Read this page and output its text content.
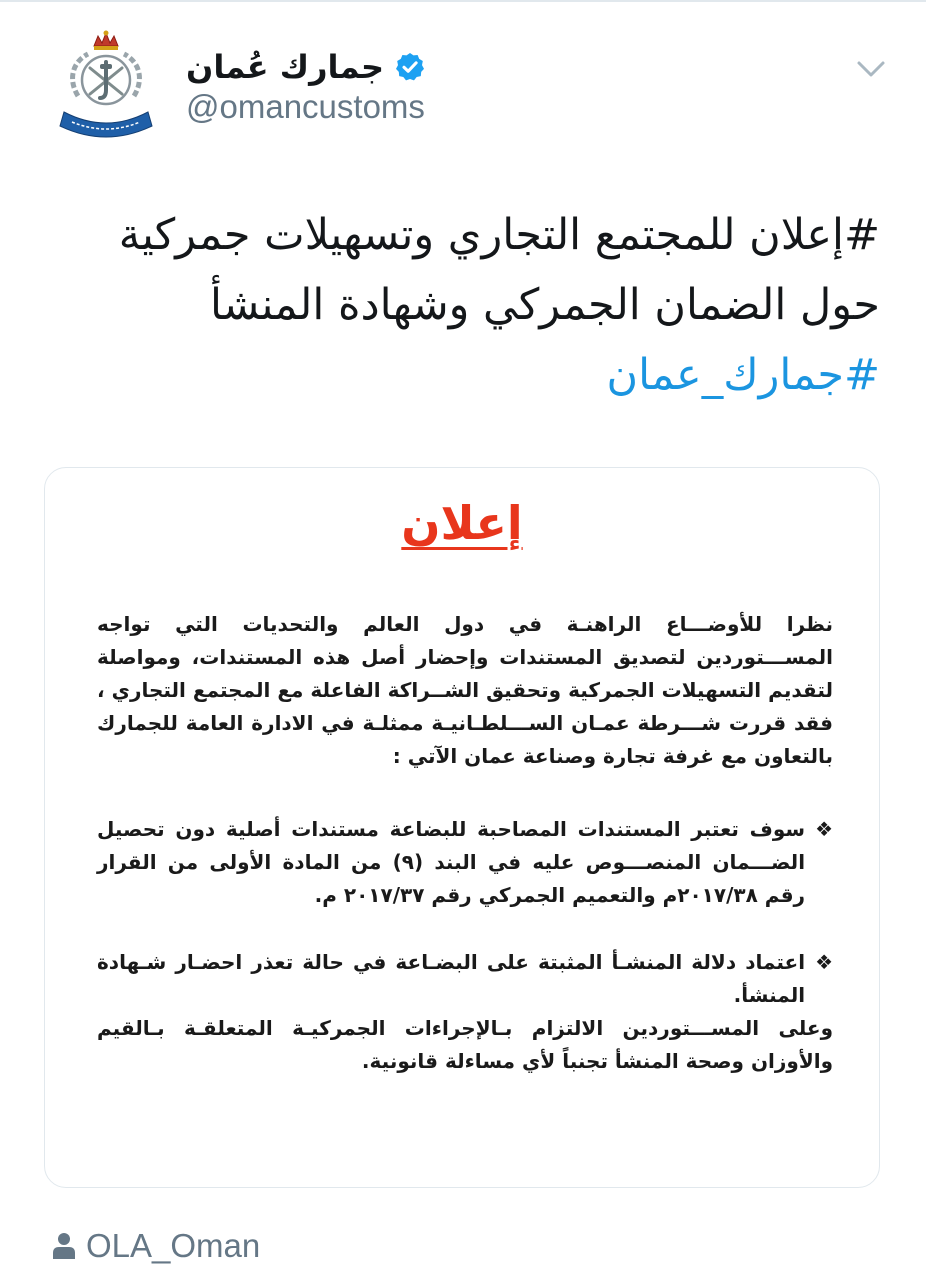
جمارك عُمان
@omancustoms
#إعلان للمجتمع التجاري وتسهيلات جمركية حول الضمان الجمركي وشهادة المنشأ
#جمارك_عمان
إعلان

نظرا للأوضـــاع الراهنـة في دول العالم والتحديات التي تواجه المســـتوردين لتصديق المستندات وإحضار أصل هذه المستندات، ومواصلة لتقديم التسهيلات الجمركية وتحقيق الشــراكة الفاعلة مع المجتمع التجاري ، فقد قررت شـــرطة عمـان الســـلطـانيـة ممثلـة في الادارة العامة للجمارك بالتعاون مع غرفة تجارة وصناعة عمان الآتي :

❖
سوف تعتبر المستندات المصاحبة للبضاعة مستندات أصلية دون تحصيل الضـــمان المنصـــوص عليه في البند (٩) من المادة الأولى من القرار رقم ٢٠١٧/٣٨م والتعميم الجمركي رقم ٢٠١٧/٣٧ م.
❖
اعتماد دلالة المنشـأ المثبتة على البضـاعة في حالة تعذر احضـار شـهادة المنشأ.

وعلى المســـتوردين الالتزام بـالإجراءات الجمركيـة المتعلقـة بـالقيم والأوزان وصحة المنشأ تجنباً لأي مساءلة قانونية.

OLA_Oman
